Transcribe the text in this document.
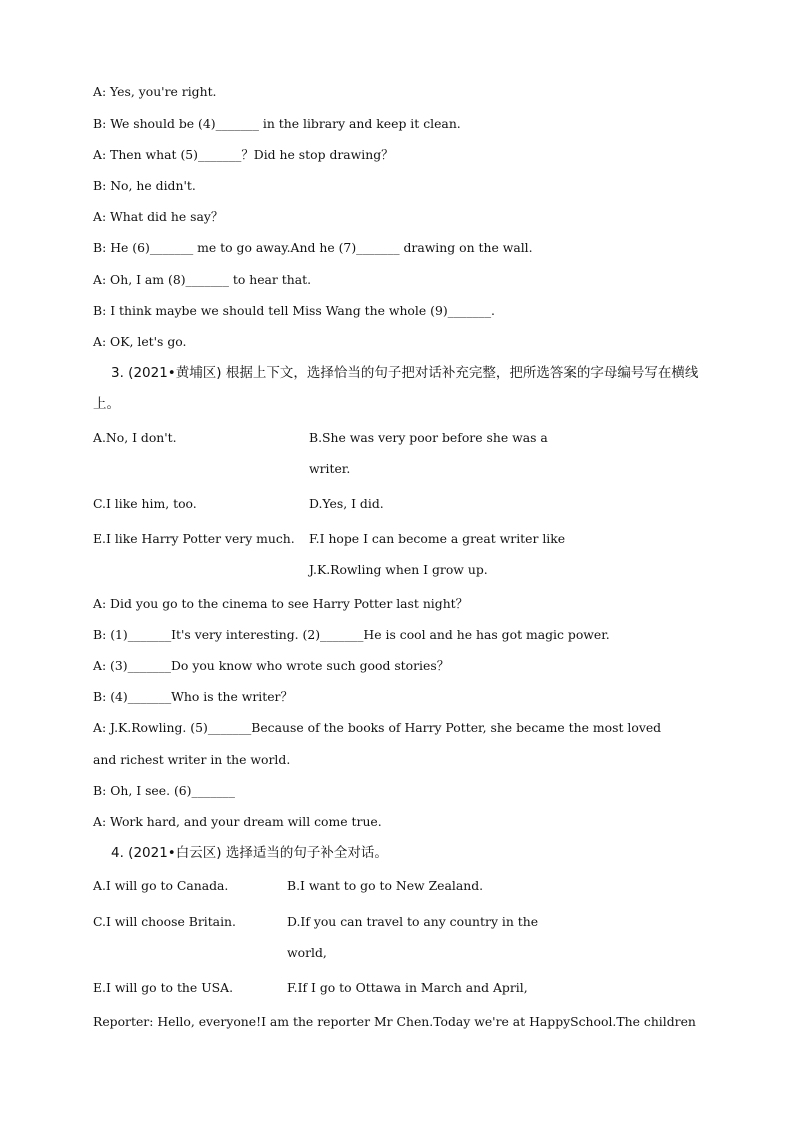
A: Yes, you're right.
B: We should be (4)_______ in the library and keep it clean.
A: Then what (5)_______？Did he stop drawing？
B: No, he didn't.
A: What did he say？
B: He (6)_______ me to go away.And he (7)_______ drawing on the wall.
A: Oh, I am (8)_______ to hear that.
B: I think maybe we should tell Miss Wang the whole (9)_______.
A: OK, let's go.
3. (2021•黄埔区) 根据上下文，选择恰当的句子把对话补充完整，把所选答案的字母编号写在横线
上。
A.No, I don't.	B.She was very poor before she was a
writer.
C.I like him, too.	D.Yes, I did.
E.I like Harry Potter very much. F.I hope I can become a great writer like
J.K.Rowling when I grow up.
A: Did you go to the cinema to see Harry Potter last night？
B: (1)_______It's very interesting. (2)_______He is cool and he has got magic power.
A: (3)_______Do you know who wrote such good stories？
B: (4)_______Who is the writer？
A: J.K.Rowling. (5)_______Because of the books of Harry Potter, she became the most loved
and richest writer in the world.
B: Oh, I see. (6)_______
A: Work hard, and your dream will come true.
4. (2021•白云区) 选择适当的句子补全对话。
A.I will go to Canada.	B.I want to go to New Zealand.
C.I will choose Britain.	D.If you can travel to any country in the
world,
E.I will go to the USA.	F.If I go to Ottawa in March and April,
Reporter: Hello, everyone!I am the reporter Mr Chen.Today we're at HappySchool.The children
